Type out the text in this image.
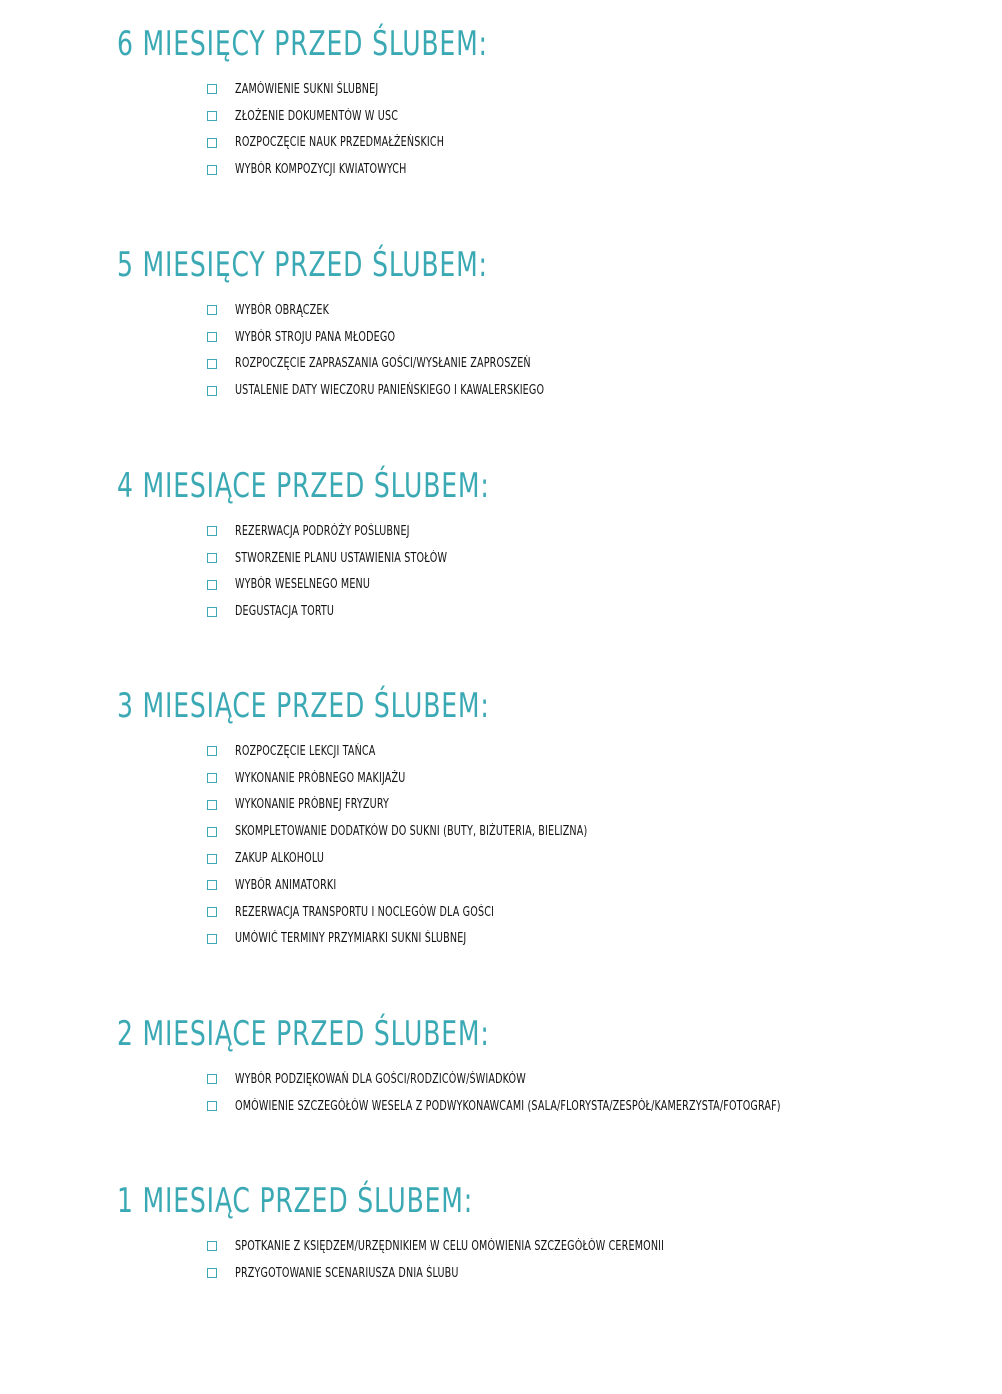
6 MIESIĘCY PRZED ŚLUBEM:
ZAMÓWIENIE SUKNI ŚLUBNEJ
ZŁOŻENIE DOKUMENTÓW W USC
ROZPOCZĘCIE NAUK PRZEDMAŁŻEŃSKICH
WYBÓR KOMPOZYCJI KWIATOWYCH
5 MIESIĘCY PRZED ŚLUBEM:
WYBÓR OBRĄCZEK
WYBÓR STROJU PANA MŁODEGO
ROZPOCZĘCIE ZAPRASZANIA GOŚCI/WYSŁANIE ZAPROSZEŃ
USTALENIE DATY WIECZORU PANIEŃSKIEGO I KAWALERSKIEGO
4 MIESIĄCE PRZED ŚLUBEM:
REZERWACJA PODRÓŻY POŚLUBNEJ
STWORZENIE PLANU USTAWIENIA STOŁÓW
WYBÓR WESELNEGO MENU
DEGUSTACJA TORTU
3 MIESIĄCE PRZED ŚLUBEM:
ROZPOCZĘCIE LEKCJI TAŃCA
WYKONANIE PRÓBNEGO MAKIJAŻU
WYKONANIE PRÓBNEJ FRYZURY
SKOMPLETOWANIE DODATKÓW DO SUKNI (BUTY, BIŻUTERIA, BIELIZNA)
ZAKUP ALKOHOLU
WYBÓR ANIMATORKI
REZERWACJA TRANSPORTU I NOCLEGÓW DLA GOŚCI
UMÓWIĆ TERMINY PRZYMIARKI SUKNI ŚLUBNEJ
2 MIESIĄCE PRZED ŚLUBEM:
WYBÓR PODZIĘKOWAŃ DLA GOŚCI/RODZICÓW/ŚWIADKÓW
OMÓWIENIE SZCZEGÓŁÓW WESELA Z PODWYKONAWCAMI (SALA/FLORYSTA/ZESPÓŁ/KAMERZYSTA/FOTOGRAF)
1 MIESIĄC PRZED ŚLUBEM:
SPOTKANIE Z KSIĘDZEM/URZĘDNIKIEM W CELU OMÓWIENIA SZCZEGÓŁÓW CEREMONII
PRZYGOTOWANIE SCENARIUSZA DNIA ŚLUBU
